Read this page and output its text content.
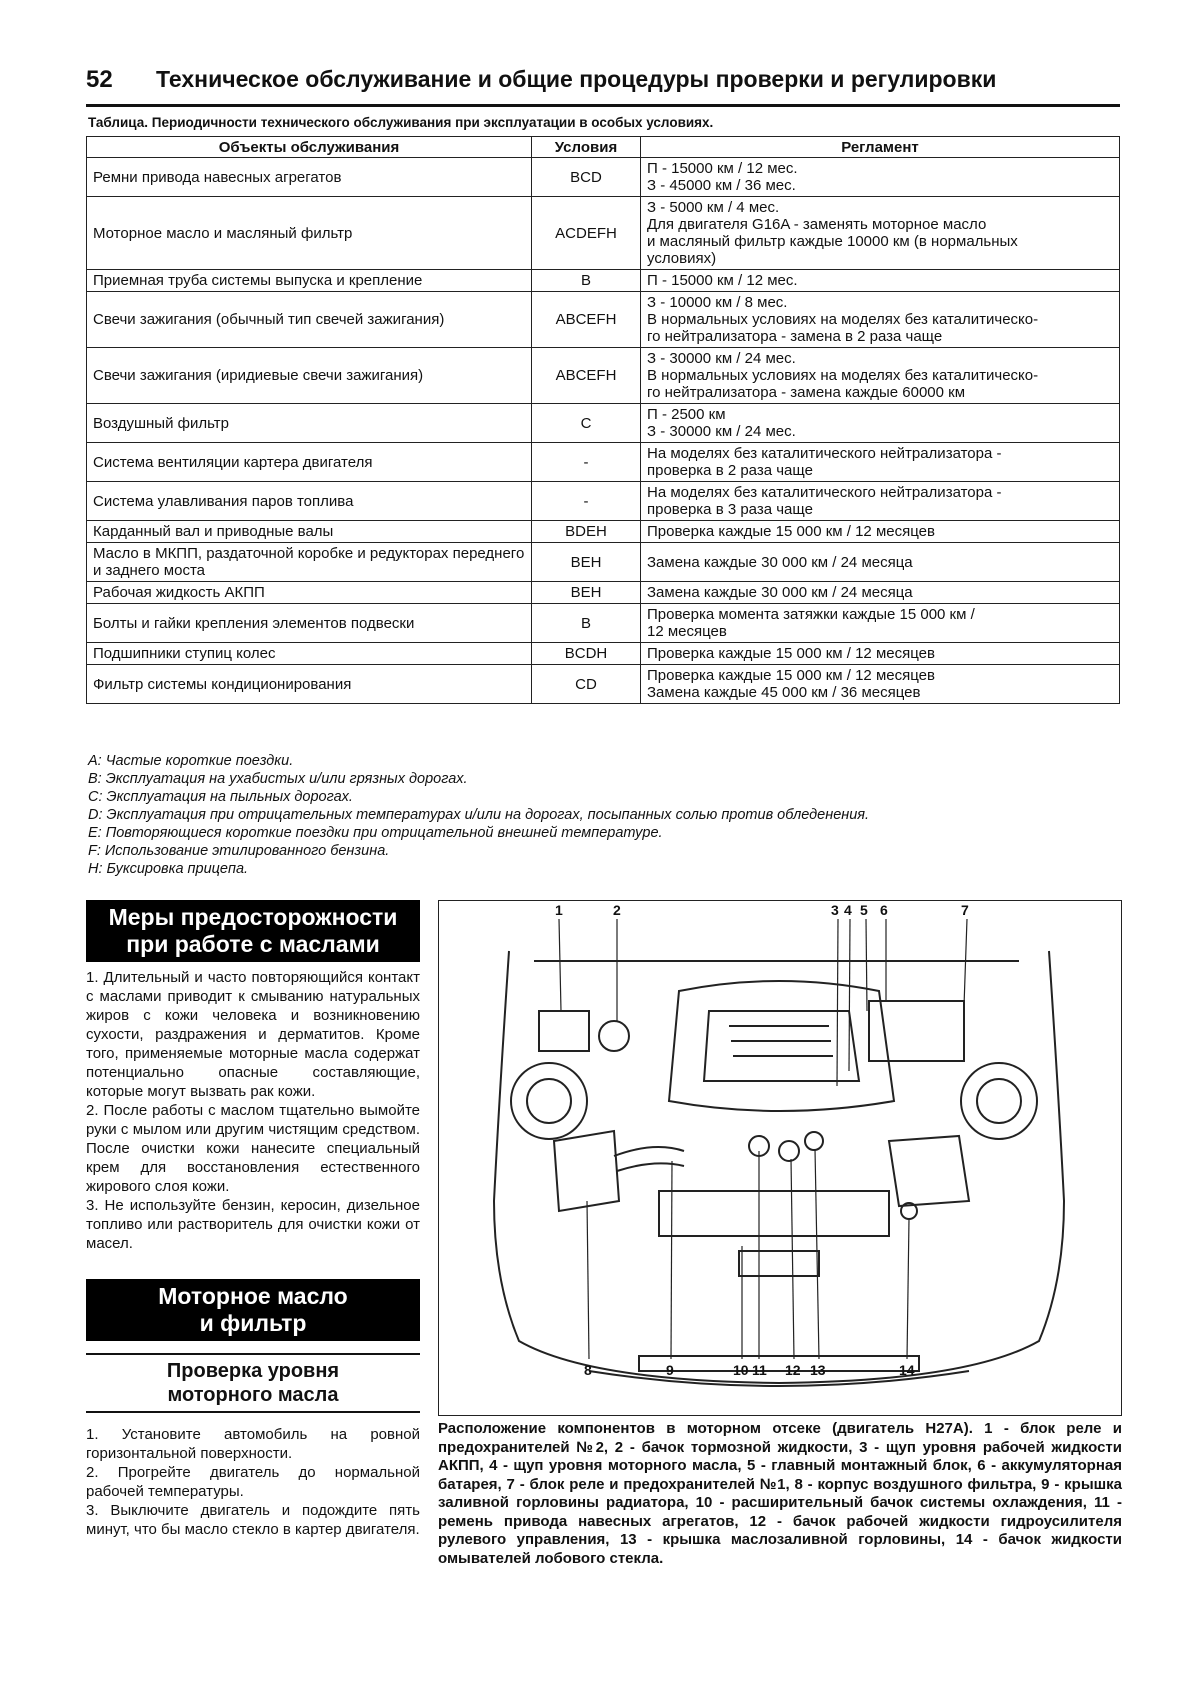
52 Техническое обслуживание и общие процедуры проверки и регулировки
Таблица. Периодичности технического обслуживания при эксплуатации в особых условиях.
Объекты обслуживания	Условия	Регламент
Ремни привода навесных агрегатов	BCD	П - 15000 км / 12 мес.
З - 45000 км / 36 мес.

Моторное масло и масляный фильтр	ACDEFH	З - 5000 км / 4 мес.
Для двигателя G16A - заменять моторное масло
и масляный фильтр каждые 10000 км (в нормальных
условиях)

Приемная труба системы выпуска и крепление	B	П - 15000 км / 12 мес.

Свечи зажигания (обычный тип свечей зажигания)	ABCEFH	З - 10000 км / 8 мес.
В нормальных условиях на моделях без каталитическо-
го нейтрализатора - замена в 2 раза чаще

Свечи зажигания (иридиевые свечи зажигания)	ABCEFH	З - 30000 км / 24 мес.
В нормальных условиях на моделях без каталитическо-
го нейтрализатора - замена каждые 60000 км

Воздушный фильтр	C	П - 2500 км
З - 30000 км / 24 мес.

Система вентиляции картера двигателя	-	На моделях без каталитического нейтрализатора -
проверка в 2 раза чаще

Система улавливания паров топлива	-	На моделях без каталитического нейтрализатора -
проверка в 3 раза чаще

Карданный вал и приводные валы	BDEH	Проверка каждые 15 000 км / 12 месяцев

Масло в МКПП, раздаточной коробке и редукторах переднего и заднего моста	BEH	Замена каждые 30 000 км / 24 месяца

Рабочая жидкость АКПП	BEH	Замена каждые 30 000 км / 24 месяца

Болты и гайки крепления элементов подвески	B	Проверка момента затяжки каждые 15 000 км /
12 месяцев

Подшипники ступиц колес	BCDH	Проверка каждые 15 000 км / 12 месяцев

Фильтр системы кондиционирования	CD	Проверка каждые 15 000 км / 12 месяцев
Замена каждые 45 000 км / 36 месяцев
A: Частые короткие поездки.
B: Эксплуатация на ухабистых и/или грязных дорогах.
C: Эксплуатация на пыльных дорогах.
D: Эксплуатация при отрицательных температурах и/или на дорогах, посыпанных солью против обледенения.
E: Повторяющиеся короткие поездки при отрицательной внешней температуре.
F: Использование этилированного бензина.
H: Буксировка прицепа.
Меры предосторожности
при работе с маслами

1. Длительный и часто повторяющийся контакт с маслами приводит к смыванию натуральных жиров с кожи человека и возникновению сухости, раздражения и дерматитов. Кроме того, применяемые моторные масла содержат потенциально опасные составляющие, которые могут вызвать рак кожи.

2. После работы с маслом тщательно вымойте руки с мылом или другим чистящим средством. После очистки кожи нанесите специальный крем для восстановления естественного жирового слоя кожи.

3. Не используйте бензин, керосин, дизельное топливо или растворитель для очистки кожи от масел.

Моторное масло
и фильтр
Проверка уровня
моторного масла

1. Установите автомобиль на ровной горизонтальной поверхности.

2. Прогрейте двигатель до нормальной рабочей температуры.

3. Выключите двигатель и подождите пять минут, что бы масло стекло в картер двигателя.

1	2	3 4 5 6	7
8	9	10 11 12 13	14
Расположение компонентов в моторном отсеке (двигатель H27A). 1 - блок реле и предохранителей №2, 2 - бачок тормозной жидкости, 3 - щуп уровня рабочей жидкости АКПП, 4 - щуп уровня моторного масла, 5 - главный монтажный блок, 6 - аккумуляторная батарея, 7 - блок реле и предохранителей №1, 8 - корпус воздушного фильтра, 9 - крышка заливной горловины радиатора, 10 - расширительный бачок системы охлаждения, 11 - ремень привода навесных агрегатов, 12 - бачок рабочей жидкости гидроусилителя рулевого управления, 13 - крышка маслозаливной горловины, 14 - бачок жидкости омывателей лобового стекла.
